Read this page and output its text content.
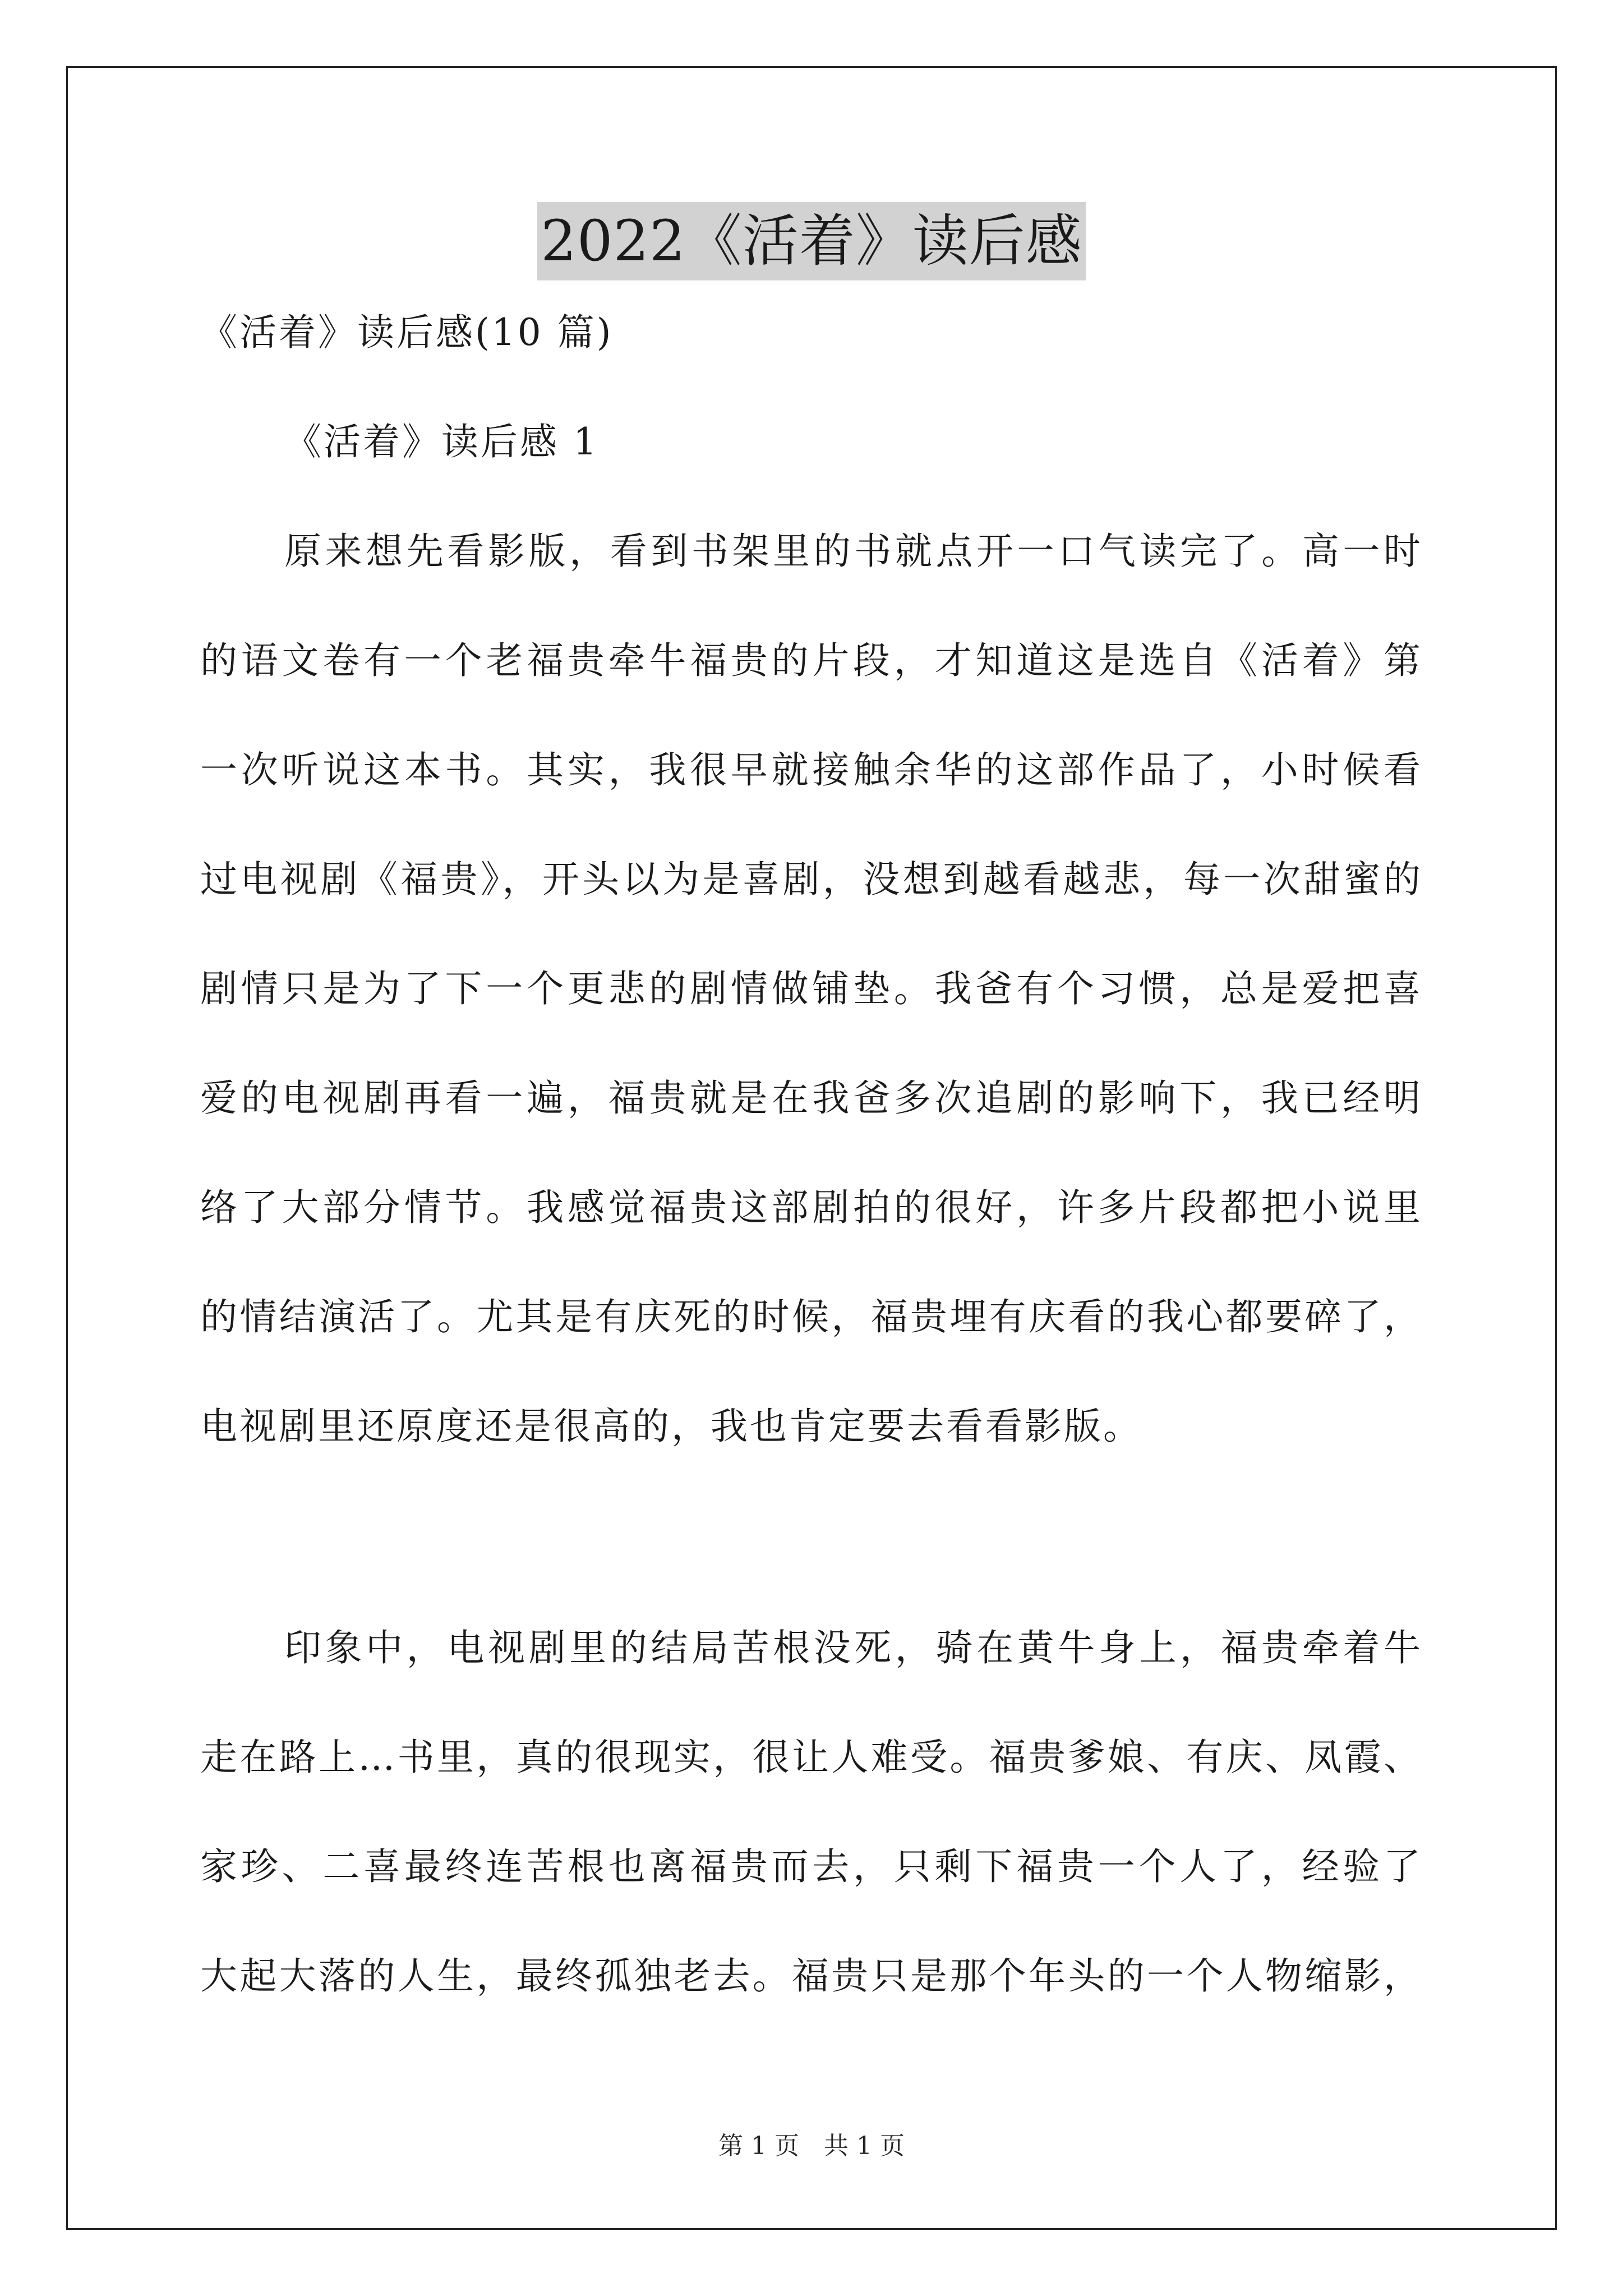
2022《活着》读后感
《活着》读后感(10 篇)
《活着》读后感 1
原来想先看影版，看到书架里的书就点开一口气读完了。高一时
的语文卷有一个老福贵牵牛福贵的片段，才知道这是选自《活着》第
一次听说这本书。其实，我很早就接触余华的这部作品了，小时候看
过电视剧《福贵》，开头以为是喜剧，没想到越看越悲，每一次甜蜜的
剧情只是为了下一个更悲的剧情做铺垫。我爸有个习惯，总是爱把喜
爱的电视剧再看一遍，福贵就是在我爸多次追剧的影响下，我已经明
络了大部分情节。我感觉福贵这部剧拍的很好，许多片段都把小说里
的情结演活了。尤其是有庆死的时候，福贵埋有庆看的我心都要碎了，
电视剧里还原度还是很高的，我也肯定要去看看影版。
印象中，电视剧里的结局苦根没死，骑在黄牛身上，福贵牵着牛
走在路上…书里，真的很现实，很让人难受。福贵爹娘、有庆、凤霞、
家珍、二喜最终连苦根也离福贵而去，只剩下福贵一个人了，经验了
大起大落的人生，最终孤独老去。福贵只是那个年头的一个人物缩影，
第 1 页　共 1 页
